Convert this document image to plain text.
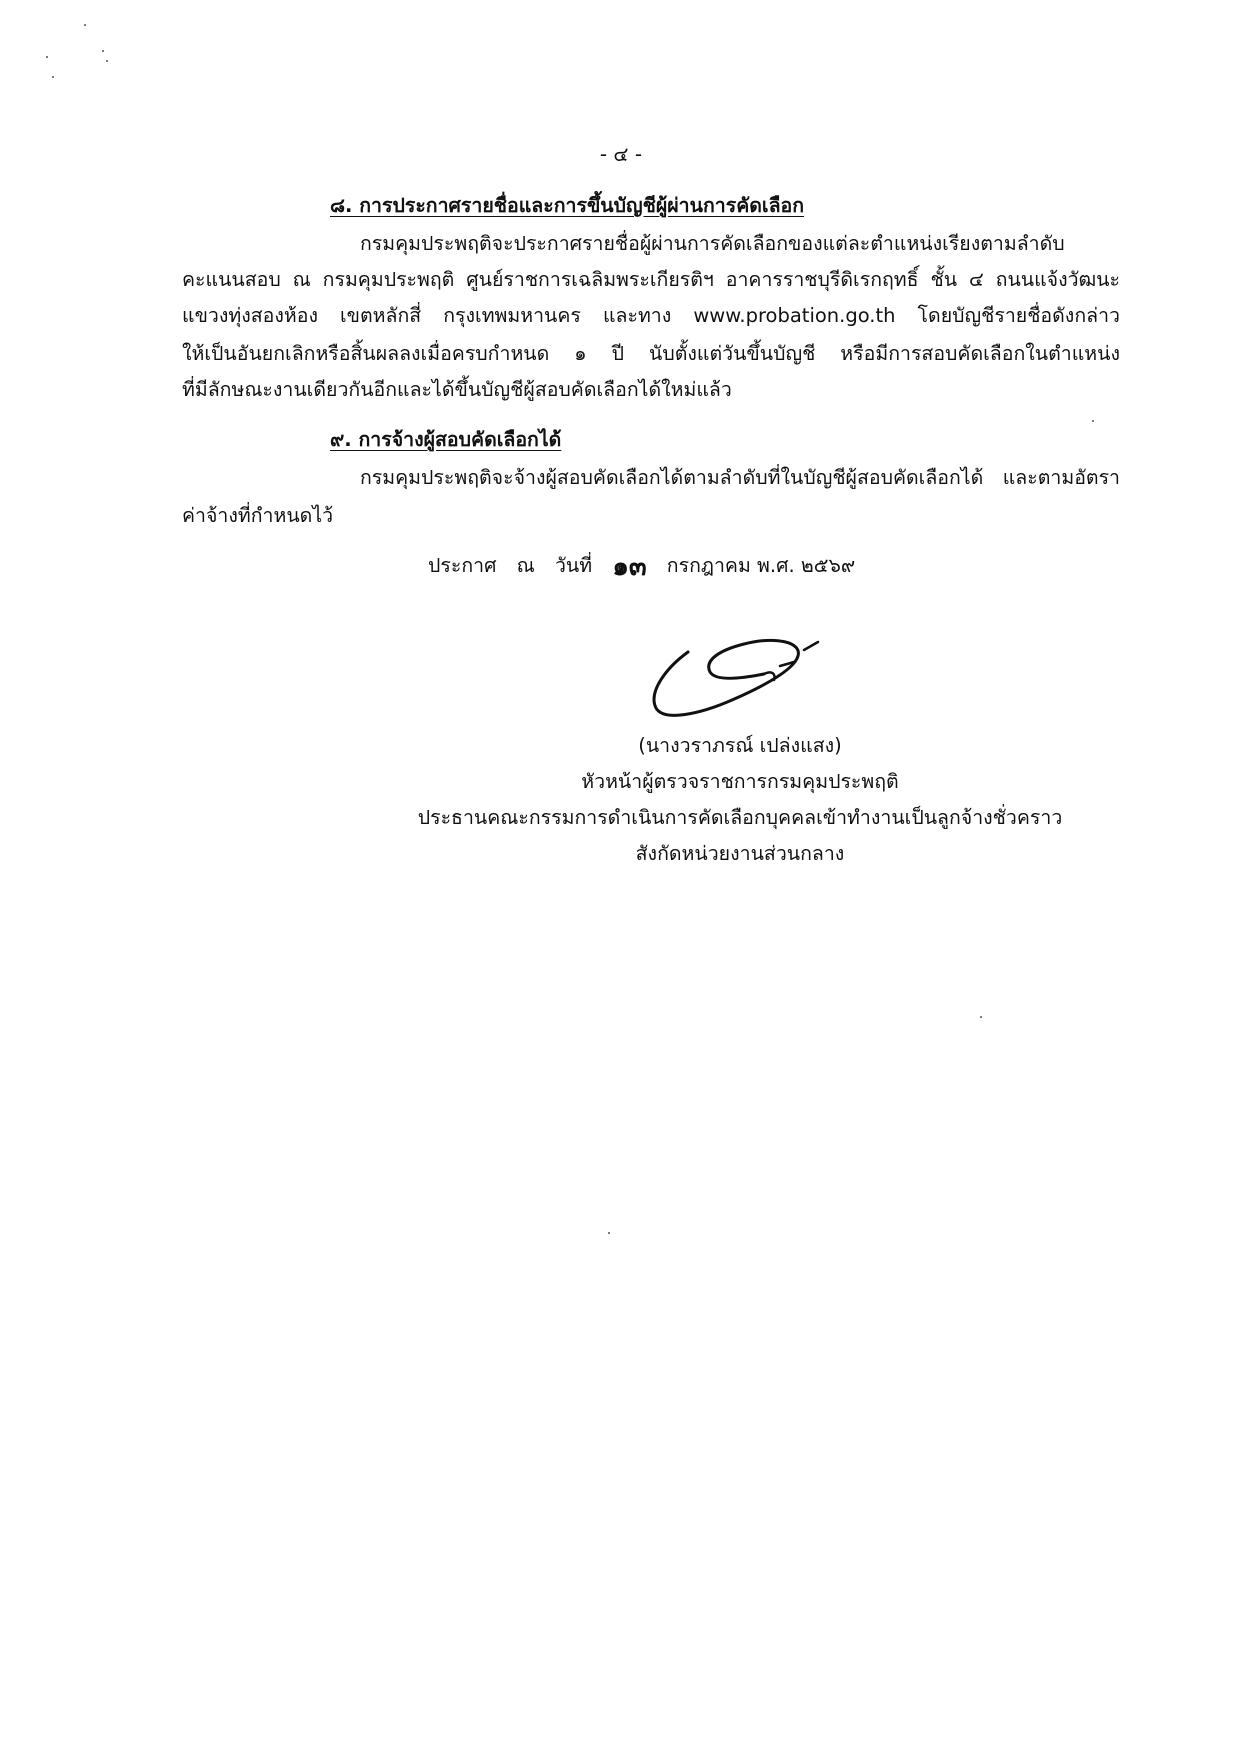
- ๔ -
๘. การประกาศรายชื่อและการขึ้นบัญชีผู้ผ่านการคัดเลือก
กรมคุมประพฤติจะประกาศรายชื่อผู้ผ่านการคัดเลือกของแต่ละตำแหน่งเรียงตามลำดับ
คะแนนสอบ ณ กรมคุมประพฤติ ศูนย์ราชการเฉลิมพระเกียรติฯ อาคารราชบุรีดิเรกฤทธิ์ ชั้น ๔ ถนนแจ้งวัฒนะ
แขวงทุ่งสองห้อง เขตหลักสี่ กรุงเทพมหานคร และทาง www.probation.go.th โดยบัญชีรายชื่อดังกล่าว
ให้เป็นอันยกเลิกหรือสิ้นผลลงเมื่อครบกำหนด ๑ ปี นับตั้งแต่วันขึ้นบัญชี หรือมีการสอบคัดเลือกในตำแหน่ง
ที่มีลักษณะงานเดียวกันอีกและได้ขึ้นบัญชีผู้สอบคัดเลือกได้ใหม่แล้ว
๙. การจ้างผู้สอบคัดเลือกได้
กรมคุมประพฤติจะจ้างผู้สอบคัดเลือกได้ตามลำดับที่ในบัญชีผู้สอบคัดเลือกได้ และตามอัตรา
ค่าจ้างที่กำหนดไว้
ประกาศ ณ วันที่ ๑๓ กรกฎาคม พ.ศ. ๒๕๖๙
(นางวราภรณ์ เปล่งแสง)
หัวหน้าผู้ตรวจราชการกรมคุมประพฤติ
ประธานคณะกรรมการดำเนินการคัดเลือกบุคคลเข้าทำงานเป็นลูกจ้างชั่วคราว
สังกัดหน่วยงานส่วนกลาง
